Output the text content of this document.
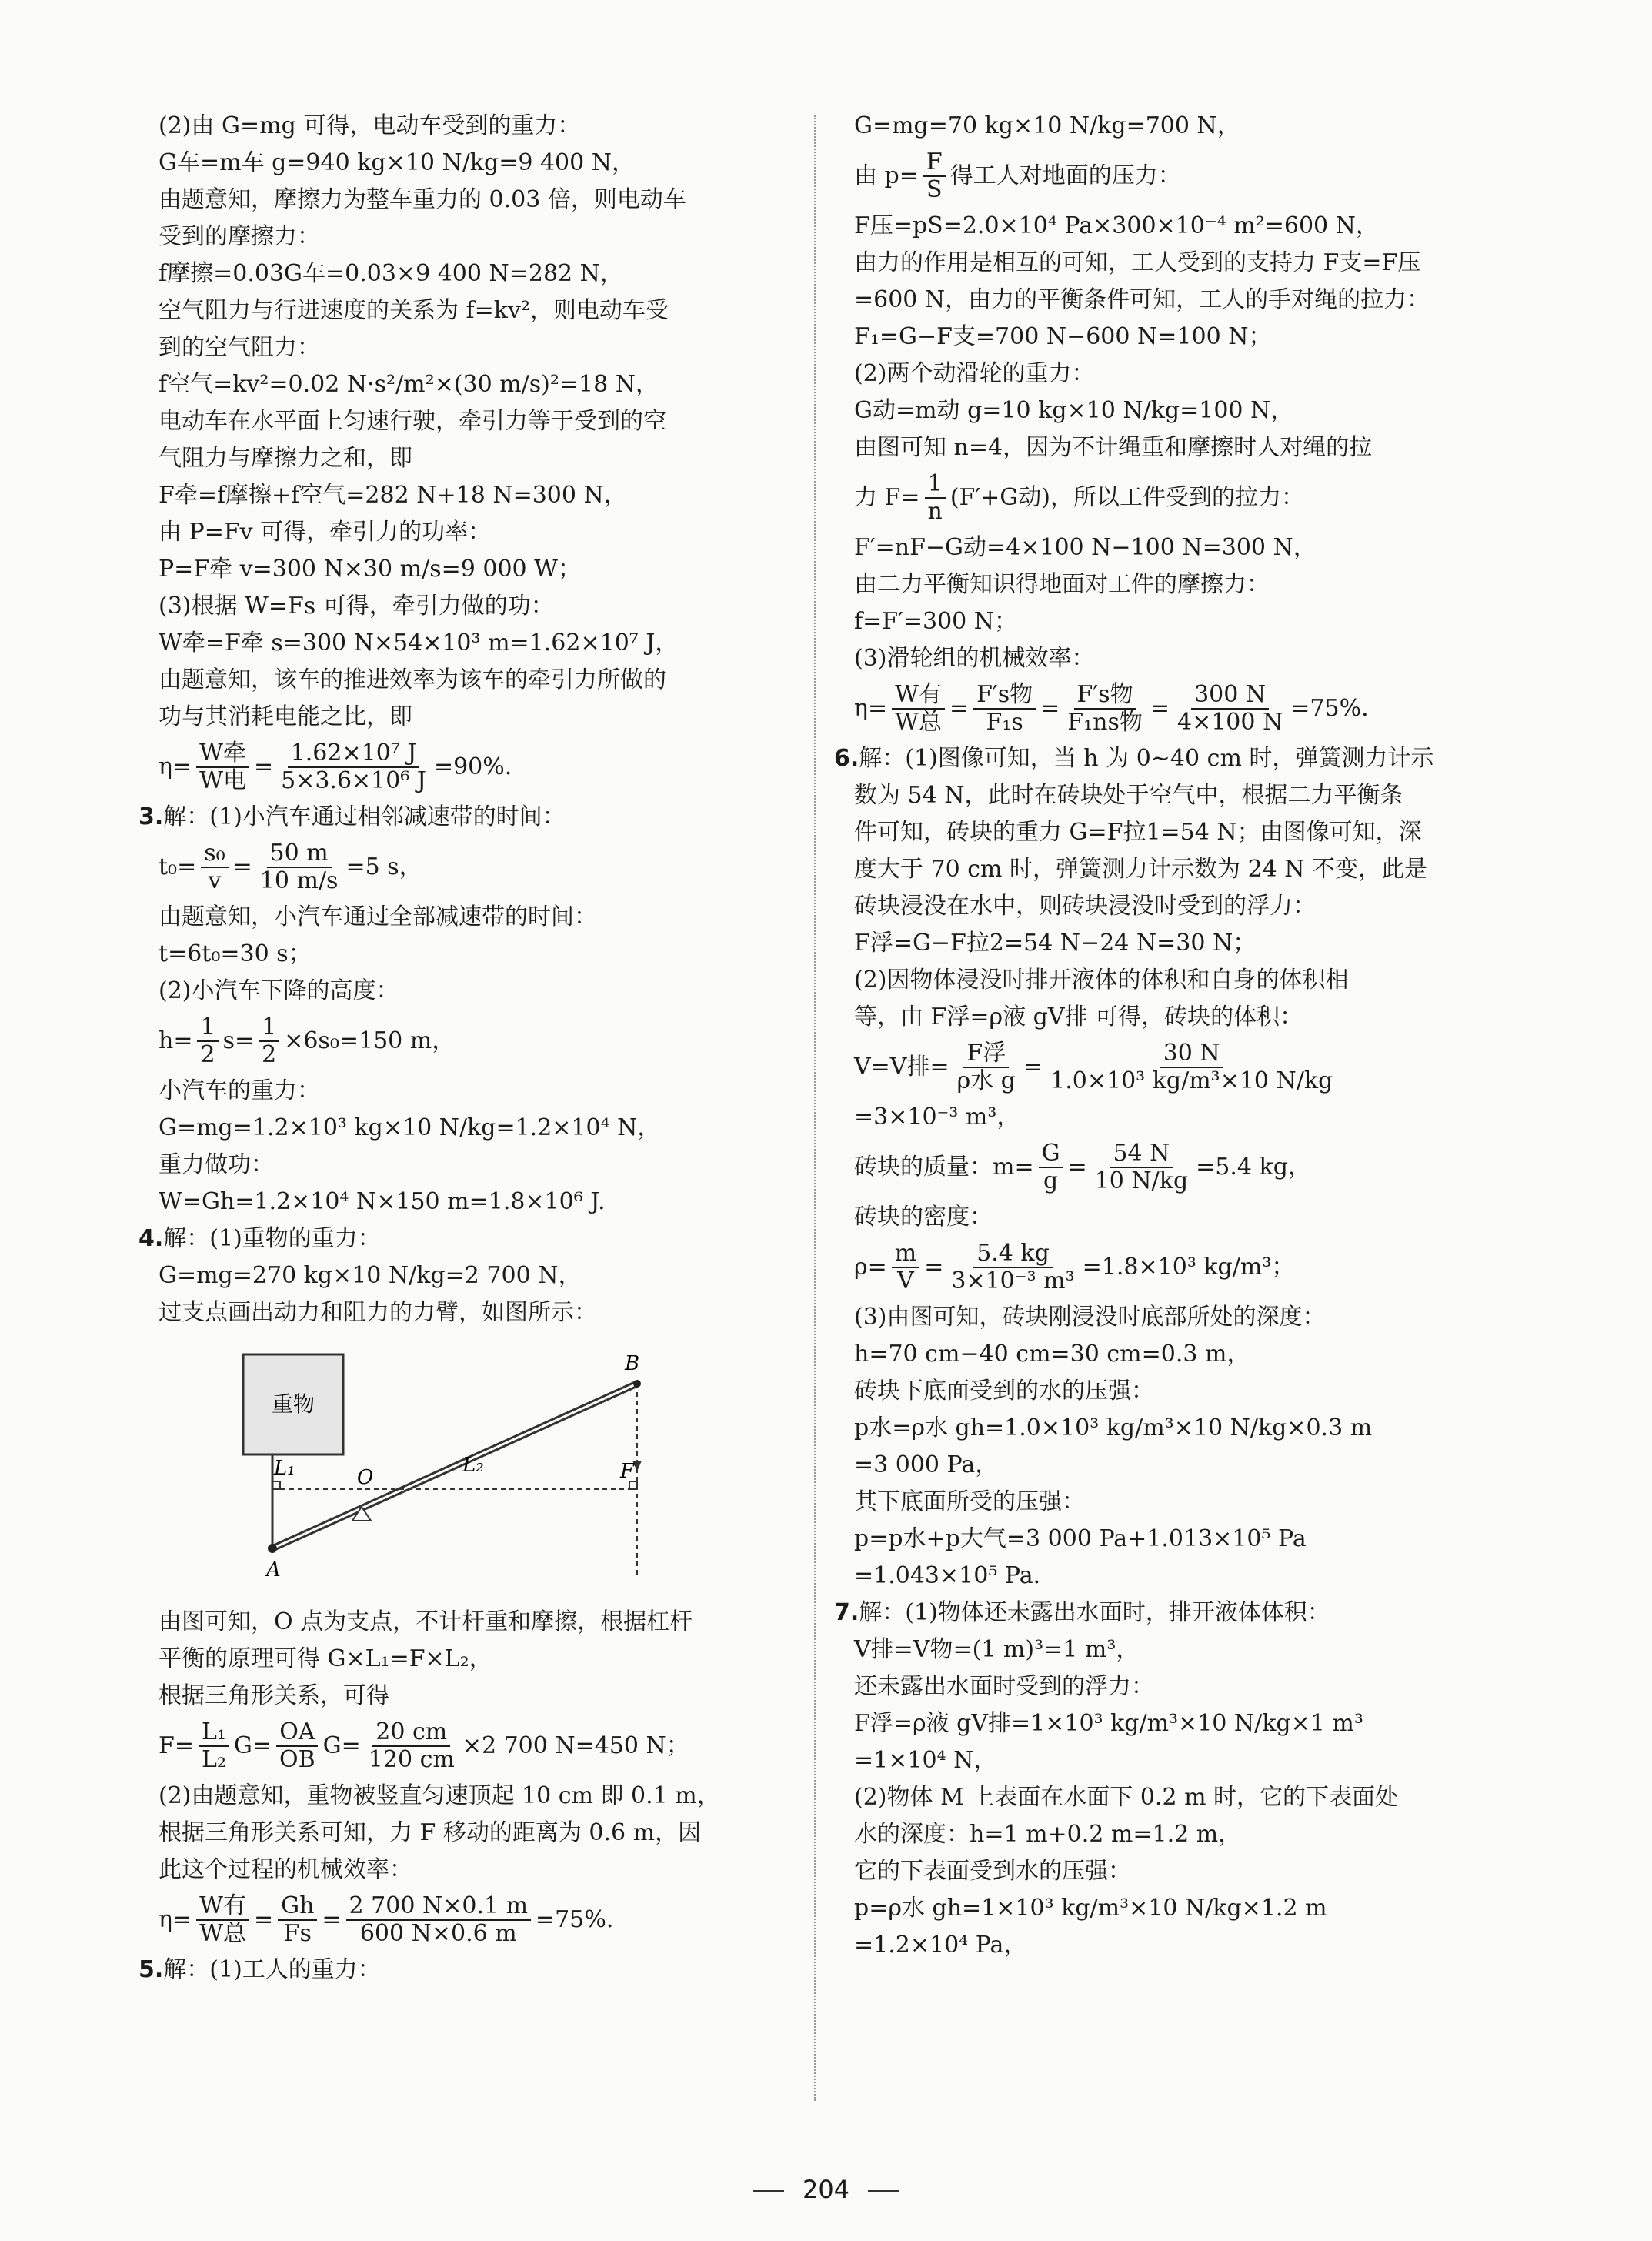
(2)由 G=mg 可得，电动车受到的重力：
G车=m车 g=940 kg×10 N/kg=9 400 N，
由题意知，摩擦力为整车重力的 0.03 倍，则电动车
受到的摩擦力：
f摩擦=0.03G车=0.03×9 400 N=282 N，
空气阻力与行进速度的关系为 f=kv²，则电动车受
到的空气阻力：
f空气=kv²=0.02 N·s²/m²×(30 m/s)²=18 N，
电动车在水平面上匀速行驶，牵引力等于受到的空
气阻力与摩擦力之和，即
F牵=f摩擦+f空气=282 N+18 N=300 N，
由 P=Fv 可得，牵引力的功率：
P=F牵 v=300 N×30 m/s=9 000 W；
(3)根据 W=Fs 可得，牵引力做的功：
W牵=F牵 s=300 N×54×10³ m=1.62×10⁷ J，
由题意知，该车的推进效率为该车的牵引力所做的
功与其消耗电能之比，即
$\eta= \frac{\text{W牵}}{\text{W电}} = \frac{\text{1.62×10⁷ J}}{\text{5×3.6×10⁶ J}} =90\%$.
3.解：(1)小汽车通过相邻减速带的时间：
$t_0= \frac{\text{s₀}}{v} = \frac{50 m}{10 m/s} =5$ s，
由题意知，小汽车通过全部减速带的时间：
t=6t₀=30 s；
(2)小汽车下降的高度：
$h= \frac{1}{2} s= \frac{1}{2} \times 6s_0=150$ m，
小汽车的重力：
G=mg=1.2×10³ kg×10 N/kg=1.2×10⁴ N，
重力做功：
W=Gh=1.2×10⁴ N×150 m=1.8×10⁶ J.
4.解：(1)重物的重力：
G=mg=270 kg×10 N/kg=2 700 N，
过支点画出动力和阻力的力臂，如图所示：
重物
L₁	O
L₂	F
B
A
由图可知，O 点为支点，不计杆重和摩擦，根据杠杆
平衡的原理可得 G×L₁=F×L₂，
根据三角形关系，可得
$F= \frac{\text{L₁}}{\text{L₂}} G= \frac{OA}{OB} G= \frac{20 cm}{120 cm} \times 2$ 700 N=450 N；
(2)由题意知，重物被竖直匀速顶起 10 cm 即 0.1 m，
根据三角形关系可知，力 F 移动的距离为 0.6 m，因
此这个过程的机械效率：
$\eta= \frac{\text{W有}}{\text{W总}} = \frac{Gh}{Fs} = \frac{2 700 N\times 0.1 m}{600 N\times 0.6 m} =75\%$.
5.解：(1)工人的重力：
G=mg=70 kg×10 N/kg=700 N，
由 $p= \frac{F}{S}$ 得工人对地面的压力：
F压=pS=2.0×10⁴ Pa×300×10⁻⁴ m²=600 N，
由力的作用是相互的可知，工人受到的支持力 F支=F压
=600 N，由力的平衡条件可知，工人的手对绳的拉力：
F₁=G−F支=700 N−600 N=100 N；
(2)两个动滑轮的重力：
G动=m动 g=10 kg×10 N/kg=100 N，
由图可知 n=4，因为不计绳重和摩擦时人对绳的拉
力 $F= \frac{1}{n} (F'+G$动)，所以工件受到的拉力：
F′=nF−G动=4×100 N−100 N=300 N，
由二力平衡知识得地面对工件的摩擦力：
f=F′=300 N；
(3)滑轮组的机械效率：
$\eta= \frac{\text{W有}}{\text{W总}} = \frac{\text{F′s物}}{\text{F₁s}} = \frac{\text{F′s物}}{\text{F₁ns物}} = \frac{300 N}{4\times 100 N} =75\%$.
6.解：(1)图像可知，当 h 为 0~40 cm 时，弹簧测力计示
数为 54 N，此时在砖块处于空气中，根据二力平衡条
件可知，砖块的重力 G=F拉1=54 N；由图像可知，深
度大于 70 cm 时，弹簧测力计示数为 24 N 不变，此是
砖块浸没在水中，则砖块浸没时受到的浮力：
F浮=G−F拉2=54 N−24 N=30 N；
(2)因物体浸没时排开液体的体积和自身的体积相
等，由 F浮=ρ液 gV排 可得，砖块的体积：
V=V排= $\frac{\text{F浮}}{\text{ρ水 g}} = \frac{30 N}{\text{1.0×10³ kg/m³×10 N/kg}}$
=3×10⁻³ m³，
砖块的质量：$m= \frac{G}{g} = \frac{54 N}{10 N/kg} =5.4$ kg，
砖块的密度：
$\rho= \frac{m}{V} = \frac{5.4 kg}{\text{3×10⁻³ m³}} =1.8\times 10^3$ kg/m³；
(3)由图可知，砖块刚浸没时底部所处的深度：
h=70 cm−40 cm=30 cm=0.3 m，
砖块下底面受到的水的压强：
p水=ρ水 gh=1.0×10³ kg/m³×10 N/kg×0.3 m
=3 000 Pa，
其下底面所受的压强：
p=p水+p大气=3 000 Pa+1.013×10⁵ Pa
=1.043×10⁵ Pa.
7.解：(1)物体还未露出水面时，排开液体体积：
V排=V物=(1 m)³=1 m³，
还未露出水面时受到的浮力：
F浮=ρ液 gV排=1×10³ kg/m³×10 N/kg×1 m³
=1×10⁴ N，
(2)物体 M 上表面在水面下 0.2 m 时，它的下表面处
水的深度：h=1 m+0.2 m=1.2 m，
它的下表面受到水的压强：
p=ρ水 gh=1×10³ kg/m³×10 N/kg×1.2 m
=1.2×10⁴ Pa，
204
